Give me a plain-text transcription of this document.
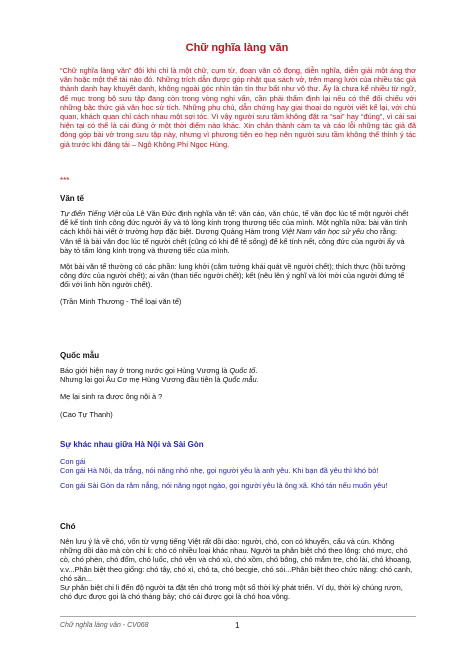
Chữ nghĩa làng văn

“Chữ nghĩa làng văn” đôi khi chỉ là một chữ, cụm từ, đoạn văn cô đọng, diễn nghĩa, diễn giải một áng thơ văn hoặc một thể tài nào đó. Những trích dẫn được góp nhặt qua sách vở, trên mạng lưới của nhiều tác giả thành danh hay khuyết danh, không ngoài góc nhìn tận tín thư bất như vô thư. Ấy là chưa kể nhiều từ ngữ, để mục trong bộ sưu tập đang còn trong vòng nghi vấn, cần phải thẩm định lại nếu có thể đối chiếu với những bậc thức giả văn học sử tích. Những phụ chú, dẫn chứng hay giai thoại do người viết kể lại, với chủ quan, khách quan chỉ cách nhau một sợi tóc. Vì vậy người sưu tầm không đặt ra “sai” hay “đúng”, vì cái sai hiện tại có thể là cái đúng ở một thời điểm nào khác. Xin chân thành cảm tạ và cáo lỗi những tác giả đã đóng góp bài vở trong sưu tập này, nhưng vì phương tiện eo hẹp nên người sưu tầm không thể thỉnh ý tác giả trước khi đăng tải – Ngô Không Phí Ngọc Hùng.

***

Văn tế

Tự điển Tiếng Việt của Lê Văn Đức định nghĩa văn tế: văn cáo, văn chúc, tế văn đọc lúc tế một người chết để kể tính tình công đức người ấy và tỏ lòng kính trọng thương tiếc của mình. Một nghĩa nữa: bài văn tính cách khôi hài viết ở trường hợp đặc biệt. Dương Quảng Hàm trong Việt Nam văn học sử yếu cho rằng:

Văn tế là bài văn đọc lúc tế người chết (cũng có khi để tế sống) để kể tính nết, công đức của người ấy và bày tỏ tấm lòng kính trọng và thương tiếc của mình.

Một bài văn tế thường có các phần: lung khởi (câm tưởng khái quát về người chết); thích thực (hồi tưởng công đức của người chết); ai vãn (than tiếc người chết); kết (nêu lên ý nghĩ và lời mời của người đứng tế đối với linh hồn người chết).

(Trần Minh Thương - Thể loại văn tế)

Quốc mẫu

Báo giới hiện nay ở trong nước gọi Hùng Vương là Quốc tổ.
Nhưng lại gọi Âu Cơ mẹ Hùng Vương đầu tiên là Quốc mẫu.

Mẹ lại sinh ra được ông nội à ?

(Cao Tự Thanh)

Sự khác nhau giữa Hà Nội và Sài Gòn

Con gái

Con gái Hà Nội, da trắng, nói năng nhỏ nhẹ, gọi người yêu là anh yêu. Khi bạn đã yêu thì khó bỏ!

Con gái Sài Gòn da râm nắng, nói năng ngọt ngào, gọi người yêu là ông xã. Khó tán nếu muốn yêu!

Chó

Nên lưu ý là về chó, vốn từ vựng tiếng Việt rất dồi dào: người, chó, con có khuyển, cẩu và cún. Không những dồi dào mà còn chi li: chó có nhiều loại khác nhau. Người ta phân biệt chó theo lông: chó mực, chó cò, chó phèn, chó đốm, chó luốc, chó vện và chó xù, chó xồm, chó bông, chó mắm tre, chó lài, chó khoang, v.v...Phân biệt theo giống: chó tây, chó xì, chó ta, chó becgie, chó sói...Phân biệt theo chức năng: chó canh, chó săn...

Sự phân biệt chi li đến độ người ta đặt tên chó trong một số thời kỳ phát triển. Ví dụ, thời kỳ chúng rượn, chó đực được gọi là chó tháng bảy; chó cái được gọi là chó hoa vông.

Chữ nghĩa làng văn - CV068	1
